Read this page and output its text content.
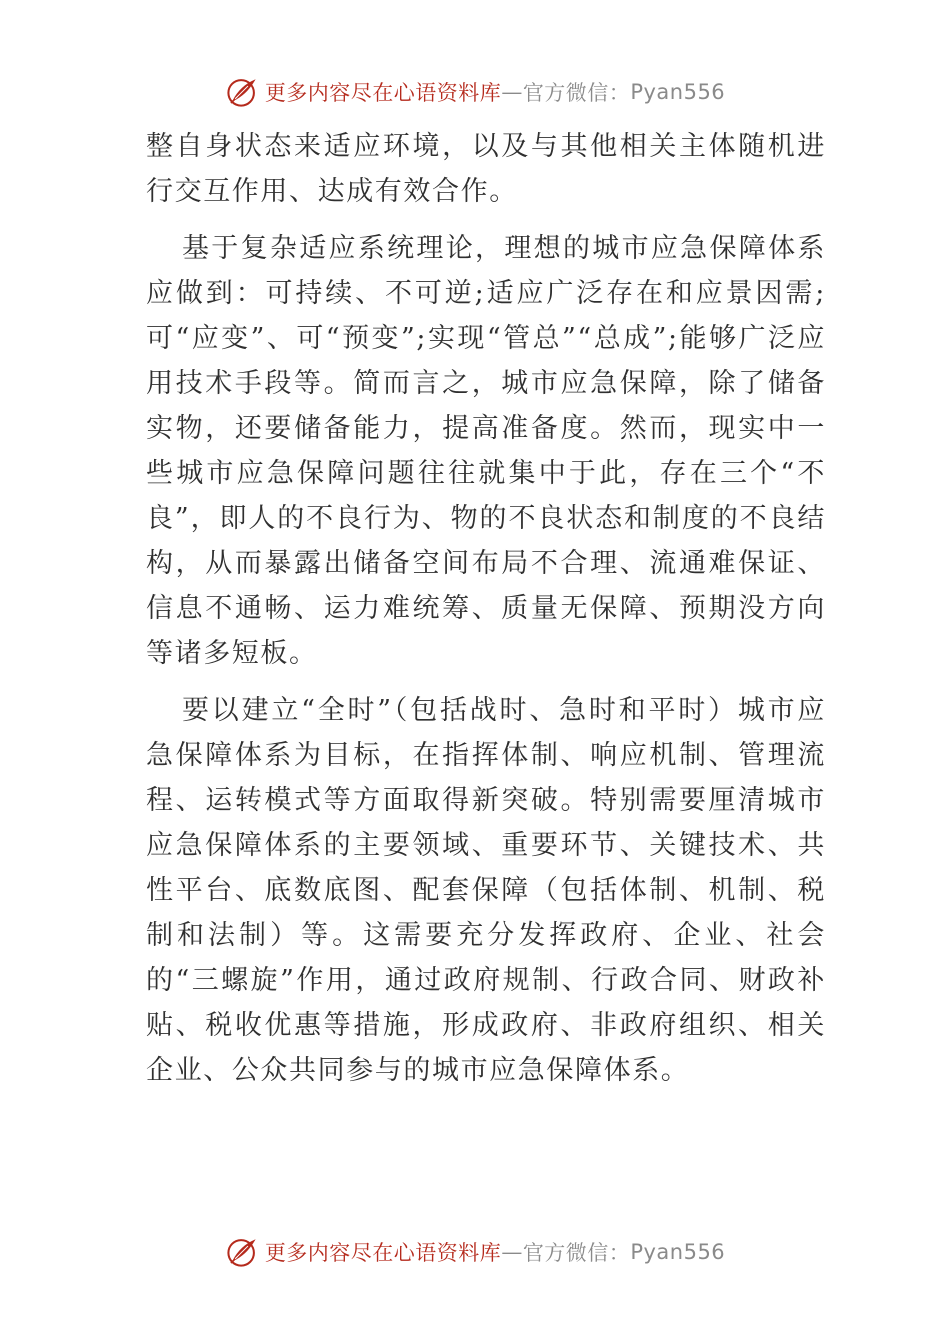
更多内容尽在心语资料库 — 官方微信： Pyan556

整自身状态来适应环境，以及与其他相关主体随机进行交互作用、达成有效合作。

基于复杂适应系统理论，理想的城市应急保障体系应做到：可持续、不可逆;适应广泛存在和应景因需;可“应变”、可“预变”;实现“管总”“总成”;能够广泛应用技术手段等。简而言之，城市应急保障，除了储备实物，还要储备能力，提高准备度。然而，现实中一些城市应急保障问题往往就集中于此，存在三个“不良”，即人的不良行为、物的不良状态和制度的不良结构，从而暴露出储备空间布局不合理、流通难保证、信息不通畅、运力难统筹、质量无保障、预期没方向等诸多短板。

要以建立“全时”（包括战时、急时和平时）城市应急保障体系为目标，在指挥体制、响应机制、管理流程、运转模式等方面取得新突破。特别需要厘清城市应急保障体系的主要领域、重要环节、关键技术、共性平台、底数底图、配套保障（包括体制、机制、税制和法制）等。这需要充分发挥政府、企业、社会的“三螺旋”作用，通过政府规制、行政合同、财政补贴、税收优惠等措施，形成政府、非政府组织、相关企业、公众共同参与的城市应急保障体系。

更多内容尽在心语资料库 — 官方微信： Pyan556
